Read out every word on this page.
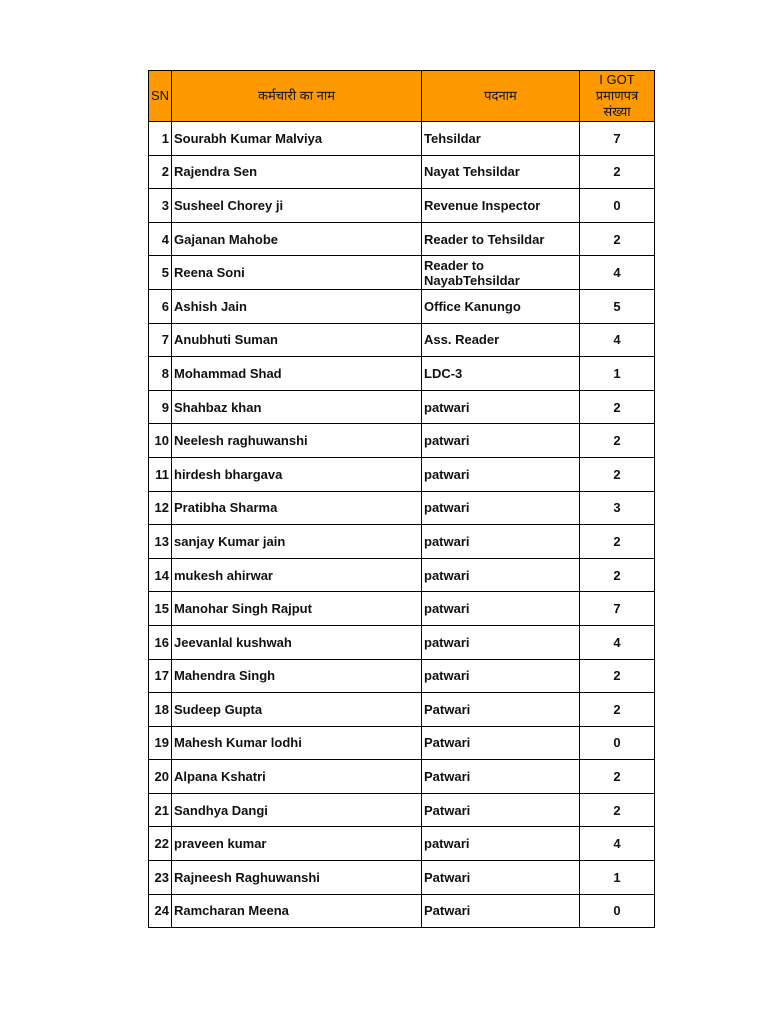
SN	कर्मचारी का नाम	पदनाम	I GOT
प्रमाणपत्र
संख्या

1	Sourabh Kumar Malviya	Tehsildar	7
2	Rajendra Sen	Nayat Tehsildar	2
3	Susheel Chorey ji	Revenue Inspector	0
4	Gajanan Mahobe	Reader to Tehsildar	2
5	Reena Soni	Reader to NayabTehsildar	4
6	Ashish Jain	Office Kanungo	5
7	Anubhuti Suman	Ass. Reader	4
8	Mohammad Shad	LDC-3	1
9	Shahbaz khan	patwari	2
10	Neelesh raghuwanshi	patwari	2
11	hirdesh bhargava	patwari	2
12	Pratibha Sharma	patwari	3
13	sanjay Kumar jain	patwari	2
14	mukesh ahirwar	patwari	2
15	Manohar Singh Rajput	patwari	7
16	Jeevanlal kushwah	patwari	4
17	Mahendra Singh	patwari	2
18	Sudeep Gupta	Patwari	2
19	Mahesh Kumar lodhi	Patwari	0
20	Alpana Kshatri	Patwari	2
21	Sandhya Dangi	Patwari	2
22	praveen kumar	patwari	4
23	Rajneesh Raghuwanshi	Patwari	1
24	Ramcharan Meena	Patwari	0
